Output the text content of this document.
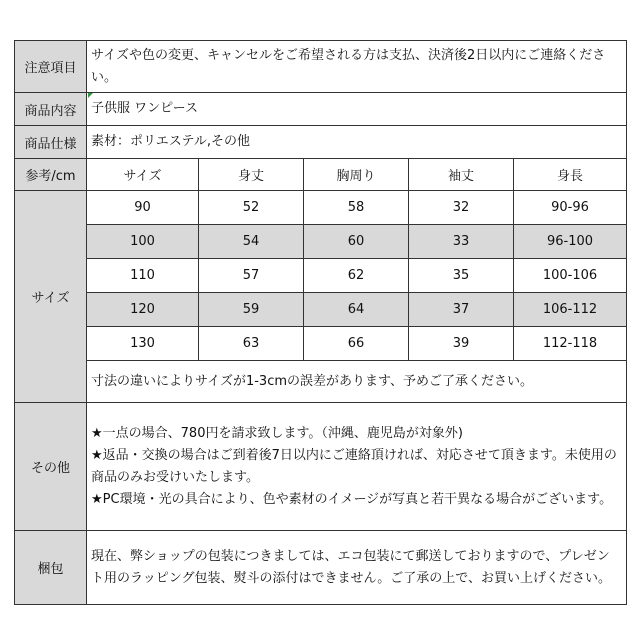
注意項目	サイズや色の変更、キャンセルをご希望される方は支払、決済後2日以内にご連絡ください。				
商品内容	子供服 ワンピース				
商品仕様	素材：ポリエステル,その他				
参考/cm	サイズ	身丈	胸周り	袖丈	身長
サイズ	90	52	58	32	90-96
	100	54	60	33	96-100
	110	57	62	35	100-106
	120	59	64	37	106-112
	130	63	66	39	112-118
	寸法の違いによりサイズが1-3cmの誤差があります、予めご了承ください。				
その他	★一点の場合、780円を請求致します。（沖縄、鹿児島が対象外)
★返品・交換の場合はご到着後7日以内にご連絡頂ければ、対応させて頂きます。未使用の商品のみお受けいたします。
★PC環境・光の具合により、色や素材のイメージが写真と若干異なる場合がございます。				

梱包	現在、弊ショップの包装につきましては、エコ包装にて郵送しておりますので、プレゼント用のラッピング包装、熨斗の添付はできません。ご了承の上で、お買い上げください。				
